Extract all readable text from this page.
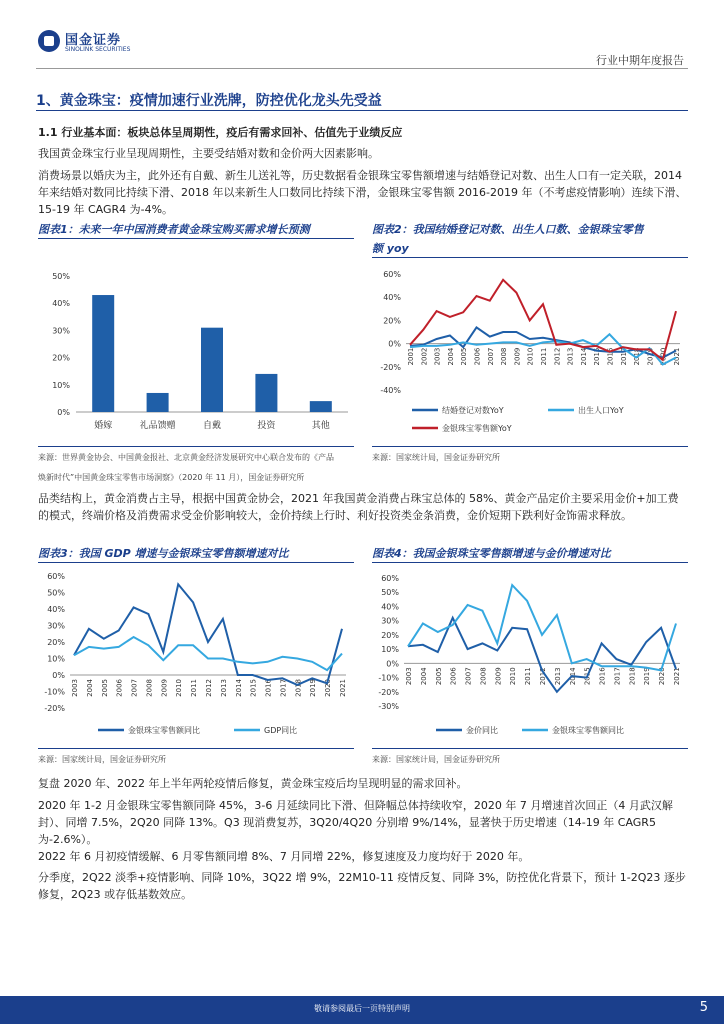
国金证券
SINOLINK SECURITIES
行业中期年度报告
1、黄金珠宝：疫情加速行业洗牌，防控优化龙头先受益
1.1 行业基本面：板块总体呈周期性，疫后有需求回补、估值先于业绩反应
我国黄金珠宝行业呈现周期性，主要受结婚对数和金价两大因素影响。
消费场景以婚庆为主，此外还有自戴、新生儿送礼等，历史数据看金银珠宝零售额增速与结婚登记对数、出生人口有一定关联，2014 年来结婚对数同比持续下滑、2018 年以来新生人口数同比持续下滑，金银珠宝零售额 2016-2019 年（不考虑疫情影响）连续下滑、15-19 年 CAGR4 为-4%。
图表1：未来一年中国消费者黄金珠宝购买需求增长预测	图表2：我国结婚登记对数、出生人口数、金银珠宝零售
额 yoy
0%
10%
20%
30%
40%
50%
婚嫁	礼品馈赠	自戴	投资	其他
-40%
-20%
0%
20%
40%
60%
2001 2002 2003 2004 2005 2006 2007 2008 2009 2010 2011 2012 2013 2014 2015 2016 2017 2018 2019 2020 2021
结婚登记对数YoY	出生人口YoY
金银珠宝零售额YoY
来源：世界黄金协会、中国黄金报社、北京黄金经济发展研究中心联合发布的《产品
焕新时代”中国黄金珠宝零售市场洞察》（2020 年 11 月），国金证券研究所
来源：国家统计局，国金证券研究所
品类结构上，黄金消费占主导，根据中国黄金协会，2021 年我国黄金消费占珠宝总体的 58%、黄金产品定价主要采用金价+加工费的模式，终端价格及消费需求受金价影响较大，金价持续上行时、利好投资类金条消费，金价短期下跌利好金饰需求释放。
图表3：我国 GDP 增速与金银珠宝零售额增速对比	图表4：我国金银珠宝零售额增速与金价增速对比
-20%
-10%
0%
10%
20%
30%
40%
50%
60%
2003 2004 2005 2006 2007 2008 2009 2010 2011 2012 2013 2014 2015 2016 2017 2018 2019 2020 2021
金银珠宝零售额同比	GDP同比
-30%
-20%
-10%
0%
10%
20%
30%
40%
50%
60%
2003 2004 2005 2006 2007 2008 2009 2010 2011 2012 2013 2014 2015 2016 2017 2018 2019 2020 2021
金价同比	金银珠宝零售额同比
来源：国家统计局，国金证券研究所	来源：国家统计局，国金证券研究所
复盘 2020 年、2022 年上半年两轮疫情后修复，黄金珠宝疫后均呈现明显的需求回补。
2020 年 1-2 月金银珠宝零售额同降 45%，3-6 月延续同比下滑、但降幅总体持续收窄，2020 年 7 月增速首次回正（4 月武汉解封）、同增 7.5%，2Q20 同降 13%。Q3 现消费复苏，3Q20/4Q20 分别增 9%/14%，显著快于历史增速（14-19 年 CAGR5 为-2.6%）。
2022 年 6 月初疫情缓解、6 月零售额同增 8%、7 月同增 22%，修复速度及力度均好于 2020 年。
分季度，2Q22 淡季+疫情影响、同降 10%，3Q22 增 9%，22M10-11 疫情反复、同降 3%，防控优化背景下，预计 1-2Q23 逐步修复，2Q23 或存低基数效应。
敬请参阅最后一页特别声明	5
